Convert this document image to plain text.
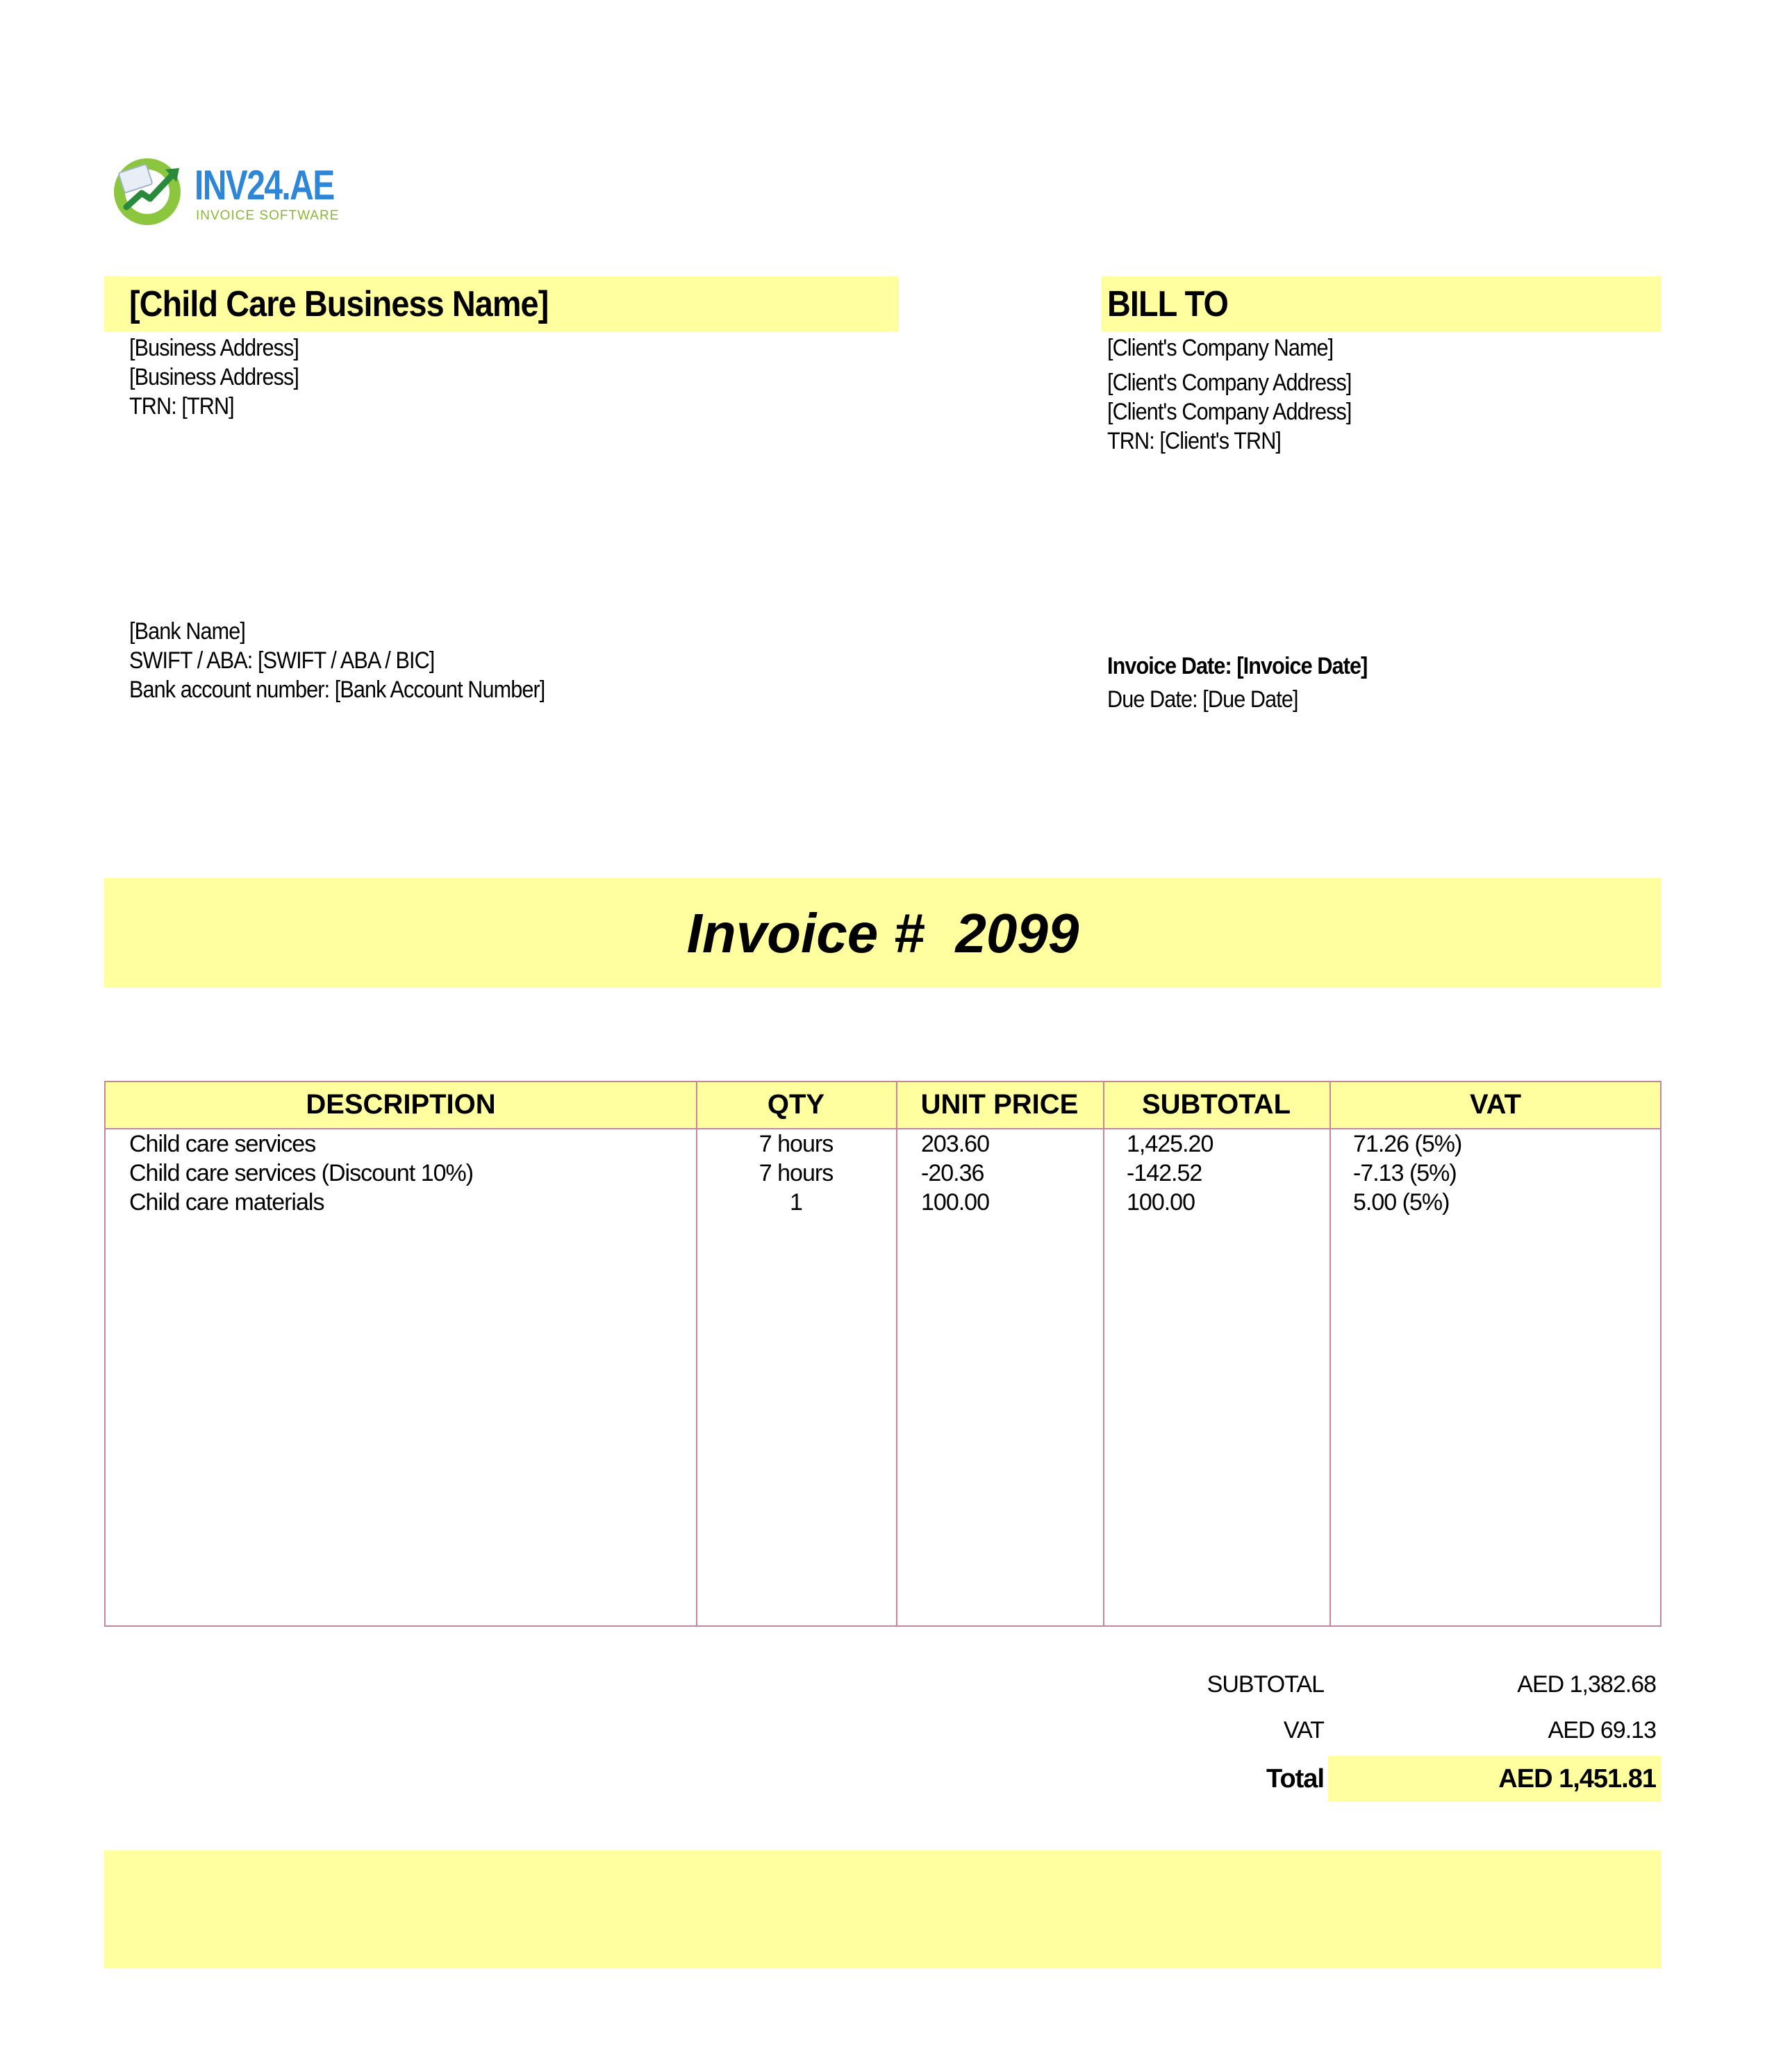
INV24.AE
INVOICE SOFTWARE
[Child Care Business Name]
[Business Address]
[Business Address]
TRN: [TRN]
BILL TO
[Client's Company Name]
[Client's Company Address]
[Client's Company Address]
TRN: [Client's TRN]
[Bank Name]
SWIFT / ABA: [SWIFT / ABA / BIC]
Bank account number: [Bank Account Number]
Invoice Date: [Invoice Date]
Due Date: [Due Date]
Invoice # 2099
DESCRIPTION	QTY	UNIT PRICE	SUBTOTAL	VAT
Child care services	7 hours	203.60	1,425.20	71.26 (5%)
Child care services (Discount 10%)	7 hours	-20.36	-142.52	-7.13 (5%)
Child care materials	1	100.00	100.00	5.00 (5%)
SUBTOTAL	AED 1,382.68
VAT	AED 69.13
Total	AED 1,451.81
